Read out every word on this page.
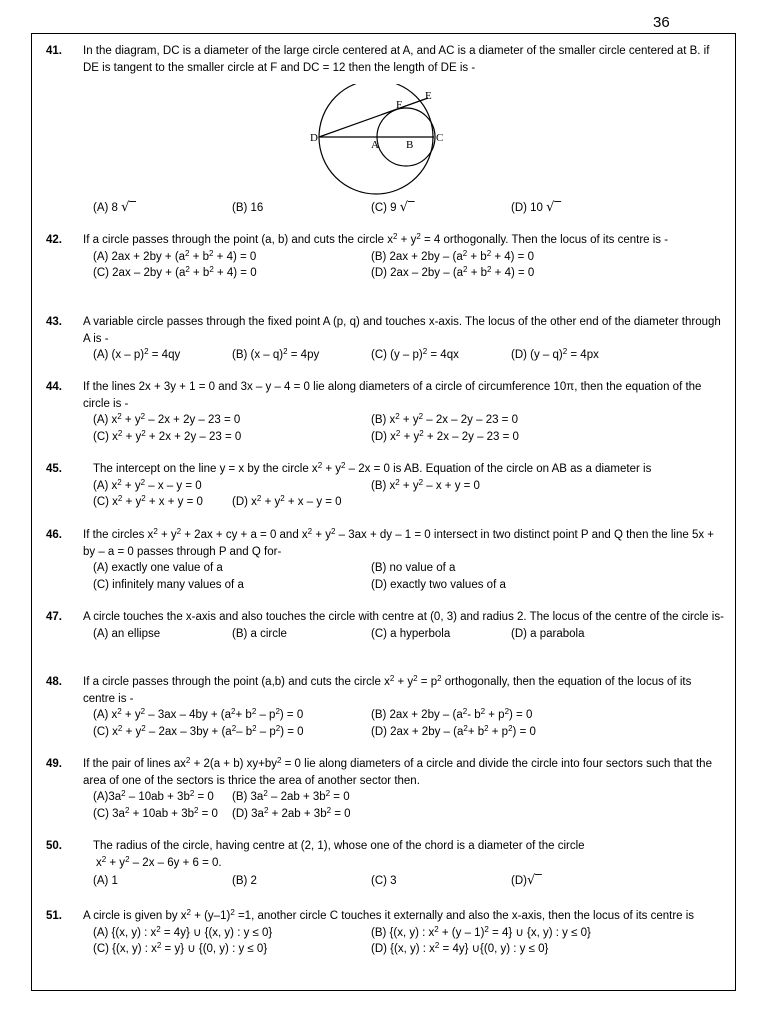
36
41. In the diagram, DC is a diameter of the large circle centered at A, and AC is a diameter of the smaller circle centered at B. if DE is tangent to the smaller circle at F and DC = 12 then the length of DE is -
D
A B
C
E
F
(A) 8 √‾	(B) 16	(C) 9 √‾	(D) 10 √‾
42. If a circle passes through the point (a, b) and cuts the circle $x^2 + y^2 = 4$ orthogonally. Then the locus of its centre is -
(A) $2ax + 2by + (a^2 + b^2 + 4) = 0$	(B) $2ax + 2by - (a^2 + b^2 + 4) = 0$
(C) $2ax - 2by + (a^2 + b^2 + 4) = 0$	(D) $2ax - 2by - (a^2 + b^2 + 4) = 0$
43. A variable circle passes through the fixed point A (p, q) and touches x-axis. The locus of the other end of the diameter through A is -
(A) (x – p)$^2$ = 4qy	(B) (x – q)$^2$ = 4py	(C) (y – p)$^2$ = 4qx	(D) (y – q)$^2$ = 4px
44. If the lines 2x + 3y + 1 = 0 and 3x – y – 4 = 0 lie along diameters of a circle of circumference 10π, then the equation of the circle is -
(A) $x^2 + y^2 - 2x + 2y - 23 = 0$	(B) $x^2 + y^2 - 2x - 2y - 23 = 0$
(C) $x^2 + y^2 + 2x + 2y - 23 = 0$	(D) $x^2 + y^2 + 2x - 2y - 23 = 0$
45.	The intercept on the line y = x by the circle $x^2 + y^2 - 2x = 0$ is AB. Equation of the circle on AB as a diameter is
(A) $x^2 + y^2 - x - y = 0$	(B) $x^2 + y^2 - x + y = 0$
(C) $x^2 + y^2 + x + y = 0$	(D) $x^2 + y^2 + x - y = 0$
46. If the circles $x^2 + y^2 + 2ax$ + cy + a = 0 and $x^2 + y^2 - 3ax$ + dy – 1 = 0 intersect in two distinct point P and Q then the line 5x + by – a = 0 passes through P and Q for-
(A) exactly one value of a	(B) no value of a
(C) infinitely many values of a	(D) exactly two values of a
47. A circle touches the x-axis and also touches the circle with centre at (0, 3) and radius 2. The locus of the centre of the circle is-
(A) an ellipse	(B) a circle	(C) a hyperbola	(D) a parabola
48. If a circle passes through the point (a,b) and cuts the circle $x^2 + y^2 = p^2$ orthogonally, then the equation of the locus of its centre is -
(A) $x^2 + y^2 - 3ax - 4by + (a^2+ b^2 - p^2) = 0$	(B) $2ax + 2by - (a^2-$ $b^2 + p^2) = 0$
(C) $x^2 + y^2 - 2ax - 3by + (a^2-$ $b^2 - p^2) = 0$	(D) $2ax + 2by - (a^2+ b^2 + p^2) = 0$
49. If the pair of lines $ax^2 + 2(a + b) xy+by^2 = 0$ lie along diameters of a circle and divide the circle into four sectors such that the area of one of the sectors is thrice the area of another sector then.
$(A)3a^2 - 10ab + 3b^2 = 0$ (B) $3a^2 - 2ab + 3b^2 = 0$
(C) $3a^2 + 10ab + 3b^2 = 0$ (D) $3a^2 + 2ab + 3b^2 = 0$
50.	The radius of the circle, having centre at (2, 1), whose one of the chord is a diameter of the circle
$x^2 + y^2 - 2x - 6y + 6 = 0$.
(A) 1	(B) 2	(C) 3	(D)√‾
51. A circle is given by $x^2 + (y-1)^2 =1$, another circle C touches it externally and also the x-axis, then the locus of its centre is
(A) {(x, y) : $x^2 = 4y$} ∪ {(x, y) : y ≤ 0}	(B) {(x, y) : $x^2 + (y - 1)^2 = 4$} ∪ {x, y) : y ≤ 0}
(C) {(x, y) : $x^2 = y$} ∪ {(0, y) : y ≤ 0}	(D) {(x, y) : $x^2 = 4y$} ∪{(0, y) : y ≤ 0}
